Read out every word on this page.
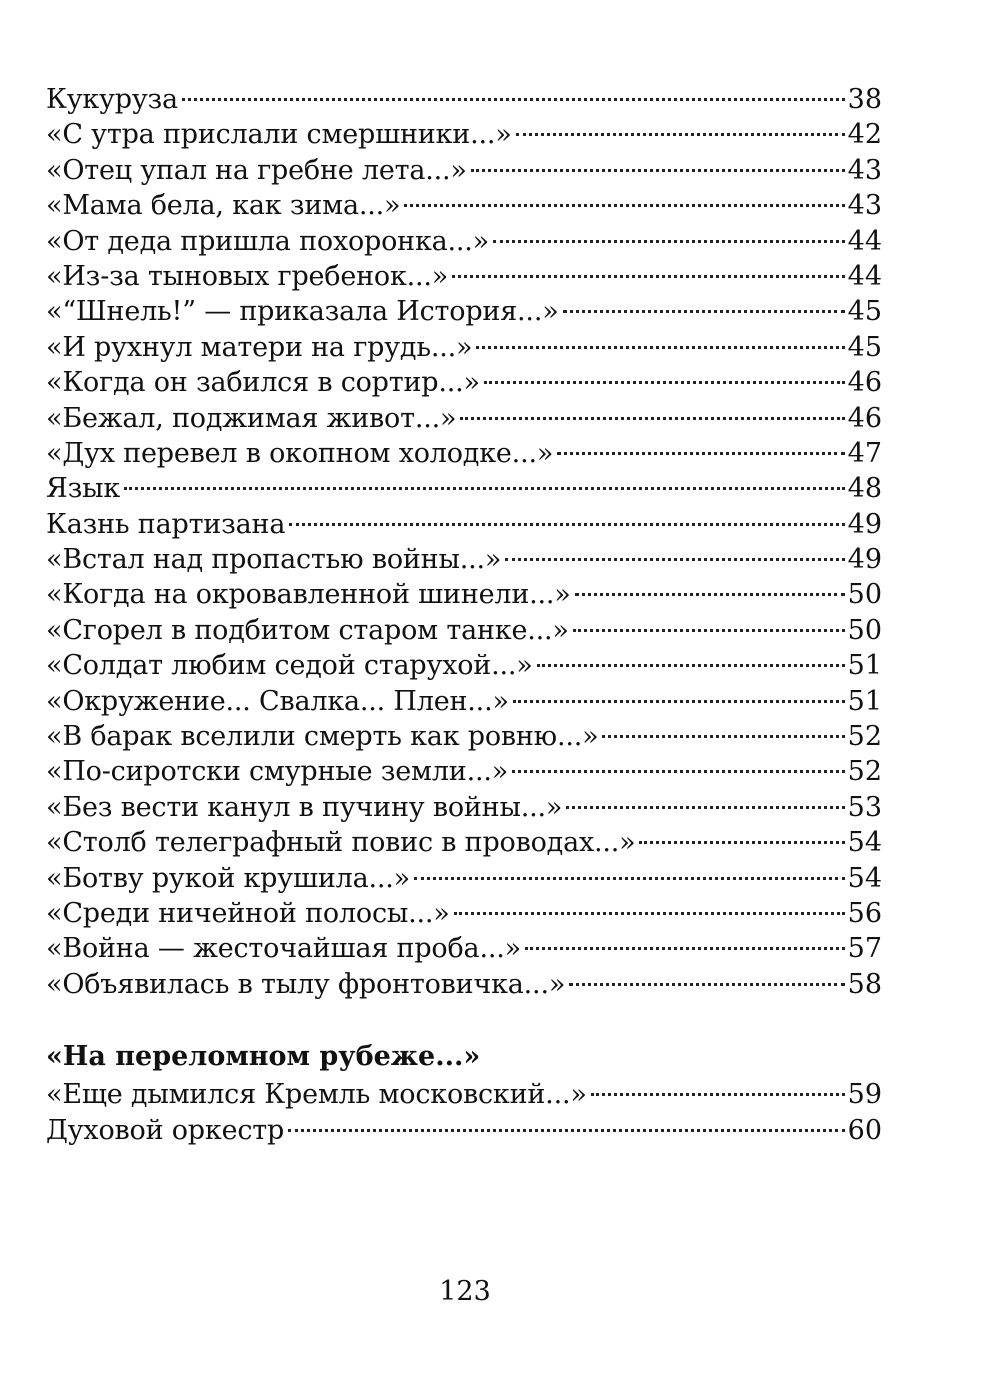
Кукуруза	38
«С утра прислали смершники...»	42
«Отец упал на гребне лета...»	43
«Мама бела, как зима...»	43
«От деда пришла похоронка...»	44
«Из-за тыновых гребенок...»	44
«“Шнель!” — приказала История...»	45
«И рухнул матери на грудь...»	45
«Когда он забился в сортир...»	46
«Бежал, поджимая живот...»	46
«Дух перевел в окопном холодке...»	47
Язык	48
Казнь партизана	49
«Встал над пропастью войны...»	49
«Когда на окровавленной шинели...»	50
«Сгорел в подбитом старом танке...»	50
«Солдат любим седой старухой...»	51
«Окружение... Свалка... Плен...»	51
«В барак вселили смерть как ровню...»	52
«По-сиротски смурные земли...»	52
«Без вести канул в пучину войны...»	53
«Столб телеграфный повис в проводах...»	54
«Ботву рукой крушила...»	54
«Среди ничейной полосы...»	56
«Война — жесточайшая проба...»	57
«Объявилась в тылу фронтовичка...»	58
«На переломном рубеже...»
«Еще дымился Кремль московский...»	59
Духовой оркестр	60
123
